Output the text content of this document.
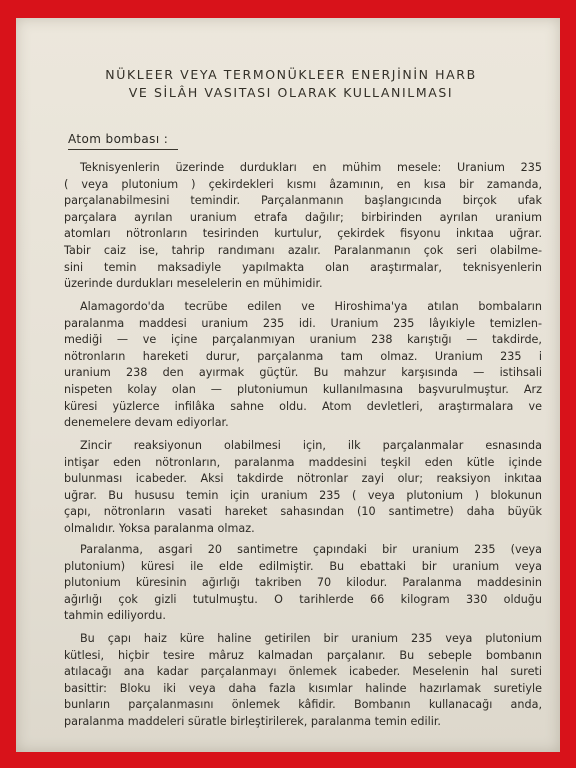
NÜKLEER VEYA TERMONÜKLEER ENERJİNİN HARB
VE SİLÂH VASITASI OLARAK KULLANILMASI
Atom bombası :
Teknisyenlerin üzerinde durdukları en mühim mesele: Uranium 235
( veya plutonium ) çekirdekleri kısmı âzamının, en kısa bir zamanda,
parçalanabilmesini temindir. Parçalanmanın başlangıcında birçok ufak
parçalara ayrılan uranium etrafa dağılır; birbirinden ayrılan uranium
atomları nötronların tesirinden kurtulur, çekirdek fisyonu inkıtaa uğrar.
Tabir caiz ise, tahrip randımanı azalır. Paralanmanın çok seri olabilme-
sini temin maksadiyle yapılmakta olan araştırmalar, teknisyenlerin
üzerinde durdukları meselelerin en mühimidir.
Alamagordo'da tecrübe edilen ve Hiroshima'ya atılan bombaların
paralanma maddesi uranium 235 idi. Uranium 235 lâyıkiyle temizlen-
mediği — ve içine parçalanmıyan uranium 238 karıştığı — takdirde,
nötronların hareketi durur, parçalanma tam olmaz. Uranium 235 i
uranium 238 den ayırmak güçtür. Bu mahzur karşısında — istihsali
nispeten kolay olan — plutoniumun kullanılmasına başvurulmuştur. Arz
küresi yüzlerce infilâka sahne oldu. Atom devletleri, araştırmalara ve
denemelere devam ediyorlar.
Zincir reaksiyonun olabilmesi için, ilk parçalanmalar esnasında
intişar eden nötronların, paralanma maddesini teşkil eden kütle içinde
bulunması icabeder. Aksi takdirde nötronlar zayi olur; reaksiyon inkıtaa
uğrar. Bu hususu temin için uranium 235 ( veya plutonium ) blokunun
çapı, nötronların vasati hareket sahasından (10 santimetre) daha büyük
olmalıdır. Yoksa paralanma olmaz.
Paralanma, asgari 20 santimetre çapındaki bir uranium 235 (veya
plutonium) küresi ile elde edilmiştir. Bu ebattaki bir uranium veya
plutonium küresinin ağırlığı takriben 70 kilodur. Paralanma maddesinin
ağırlığı çok gizli tutulmuştu. O tarihlerde 66 kilogram 330 olduğu
tahmin ediliyordu.
Bu çapı haiz küre haline getirilen bir uranium 235 veya plutonium
kütlesi, hiçbir tesire mâruz kalmadan parçalanır. Bu sebeple bombanın
atılacağı ana kadar parçalanmayı önlemek icabeder. Meselenin hal sureti
basittir: Bloku iki veya daha fazla kısımlar halinde hazırlamak suretiyle
bunların parçalanmasını önlemek kâfidir. Bombanın kullanacağı anda,
paralanma maddeleri süratle birleştirilerek, paralanma temin edilir.
